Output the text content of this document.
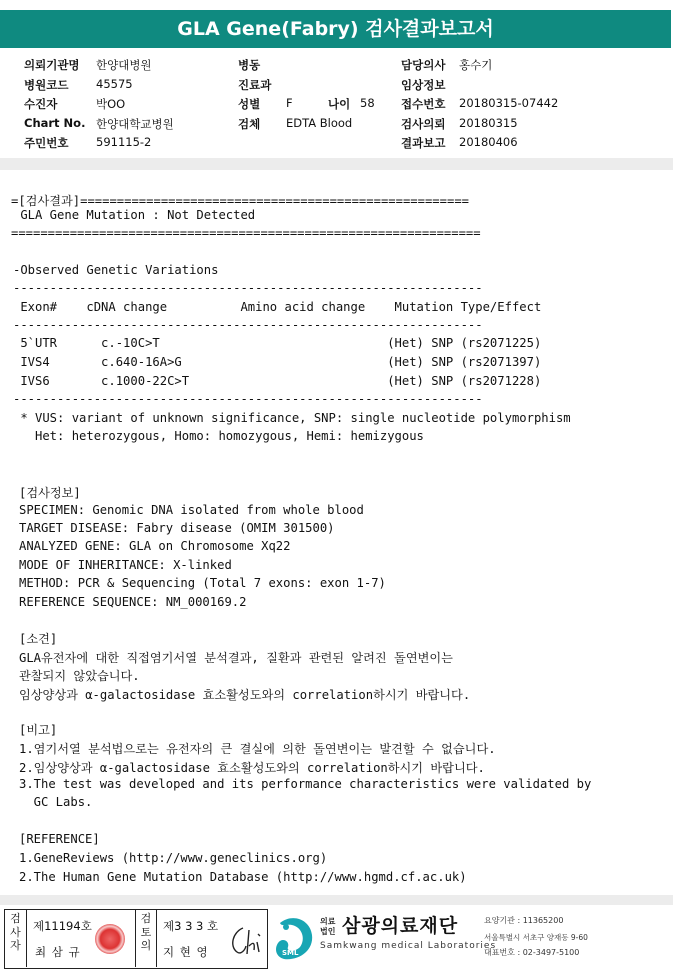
GLA Gene(Fabry) 검사결과보고서
의뢰기관명 한양대병원
병원코드 45575
수진자	박OO
Chart No. 한양대학교병원
주민번호 591115-2
병동
진료과
성별 F	나이 58
검체 EDTA Blood
담당의사 홍수기
임상정보
접수번호 20180315-07442
검사의뢰 20180315
결과보고 20180406
=[검사결과]=====================================================
GLA Gene Mutation : Not Detected
================================================================
-Observed Genetic Variations
----------------------------------------------------------------
Exon#    cDNA change          Amino acid change    Mutation Type/Effect
----------------------------------------------------------------
5`UTR      c.-10C>T                               (Het) SNP (rs2071225)
IVS4       c.640-16A>G                            (Het) SNP (rs2071397)
IVS6       c.1000-22C>T                           (Het) SNP (rs2071228)
----------------------------------------------------------------
* VUS: variant of unknown significance, SNP: single nucleotide polymorphism
Het: heterozygous, Homo: homozygous, Hemi: hemizygous
[검사정보]
SPECIMEN: Genomic DNA isolated from whole blood
TARGET DISEASE: Fabry disease (OMIM 301500)
ANALYZED GENE: GLA on Chromosome Xq22
MODE OF INHERITANCE: X-linked
METHOD: PCR & Sequencing (Total 7 exons: exon 1-7)
REFERENCE SEQUENCE: NM_000169.2
[소견]
GLA유전자에 대한 직접염기서열 분석결과, 질환과 관련된 알려진 돌연변이는
관찰되지 않았습니다.
임상양상과 α-galactosidase 효소활성도와의 correlation하시기 바랍니다.
[비고]
1.염기서열 분석법으로는 유전자의 큰 결실에 의한 돌연변이는 발견할 수 없습니다.
2.임상양상과 α-galactosidase 효소활성도와의 correlation하시기 바랍니다.
3.The test was developed and its performance characteristics were validated by
GC Labs.
[REFERENCE]
1.GeneReviews (http://www.geneclinics.org)
2.The Human Gene Mutation Database (http://www.hgmd.cf.ac.uk)
검사자
제11194호
최 삼 규
검토의
제3 3 3 호
지 현 영	SML
의료법인 삼광의료재단
Samkwang medical Laboratories
요양기관 : 11365200
서울특별시 서초구 양재동 9-60
대표번호 : 02-3497-5100
